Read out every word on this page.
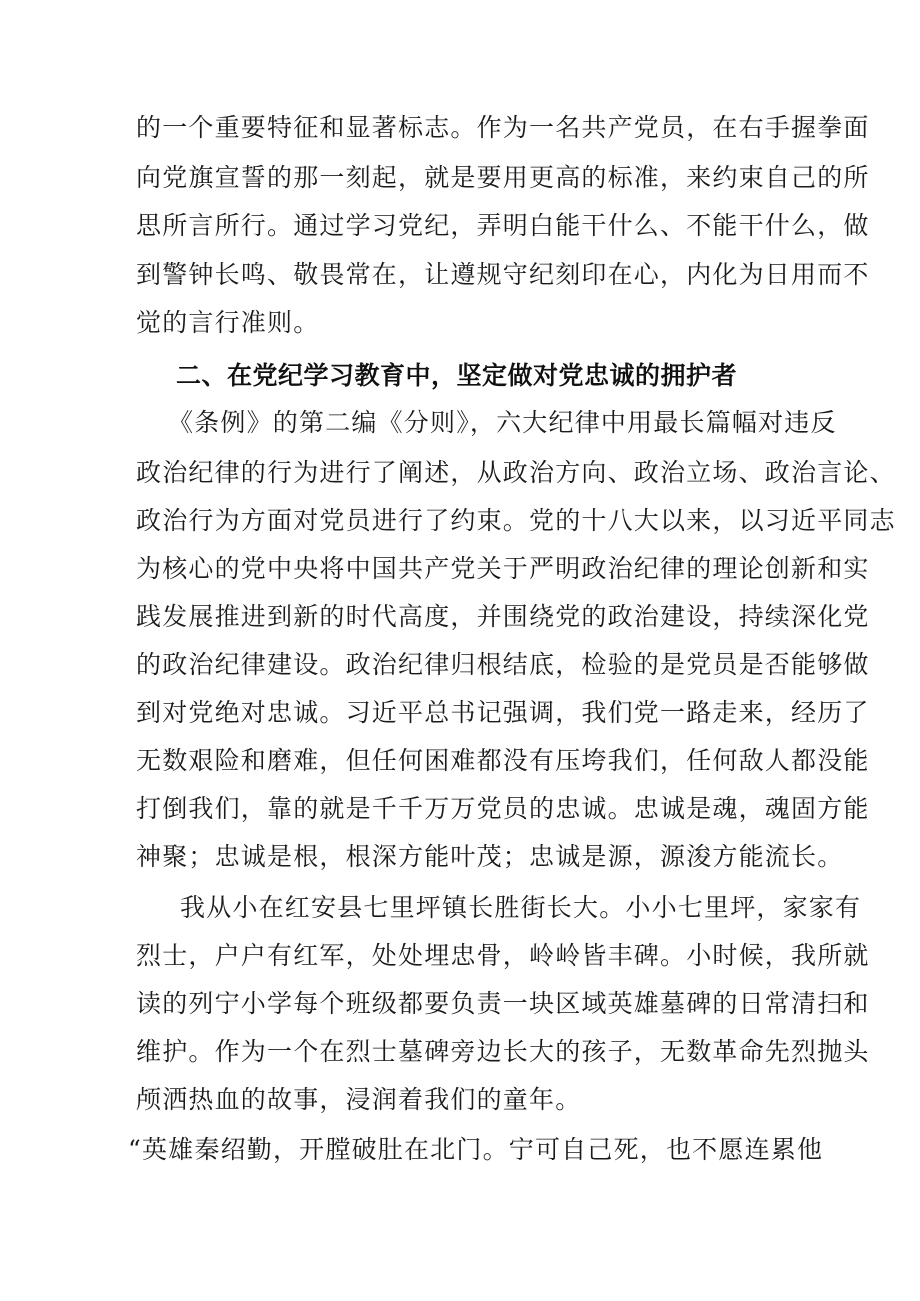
的一个重要特征和显著标志。作为一名共产党员，在右手握拳面
向党旗宣誓的那一刻起，就是要用更高的标准，来约束自己的所
思所言所行。通过学习党纪，弄明白能干什么、不能干什么，做
到警钟长鸣、敬畏常在，让遵规守纪刻印在心，内化为日用而不
觉的言行准则。
二、在党纪学习教育中，坚定做对党忠诚的拥护者
《条例》的第二编《分则》，六大纪律中用最长篇幅对违反
政治纪律的行为进行了阐述，从政治方向、政治立场、政治言论、
政治行为方面对党员进行了约束。党的十八大以来，以习近平同志
为核心的党中央将中国共产党关于严明政治纪律的理论创新和实
践发展推进到新的时代高度，并围绕党的政治建设，持续深化党
的政治纪律建设。政治纪律归根结底，检验的是党员是否能够做
到对党绝对忠诚。习近平总书记强调，我们党一路走来，经历了
无数艰险和磨难，但任何困难都没有压垮我们，任何敌人都没能
打倒我们，靠的就是千千万万党员的忠诚。忠诚是魂，魂固方能
神聚；忠诚是根，根深方能叶茂；忠诚是源，源浚方能流长。
我从小在红安县七里坪镇长胜街长大。小小七里坪，家家有
烈士，户户有红军，处处埋忠骨，岭岭皆丰碑。小时候，我所就
读的列宁小学每个班级都要负责一块区域英雄墓碑的日常清扫和
维护。作为一个在烈士墓碑旁边长大的孩子，无数革命先烈抛头
颅洒热血的故事，浸润着我们的童年。
“英雄秦绍勤，开膛破肚在北门。宁可自己死，也不愿连累他
